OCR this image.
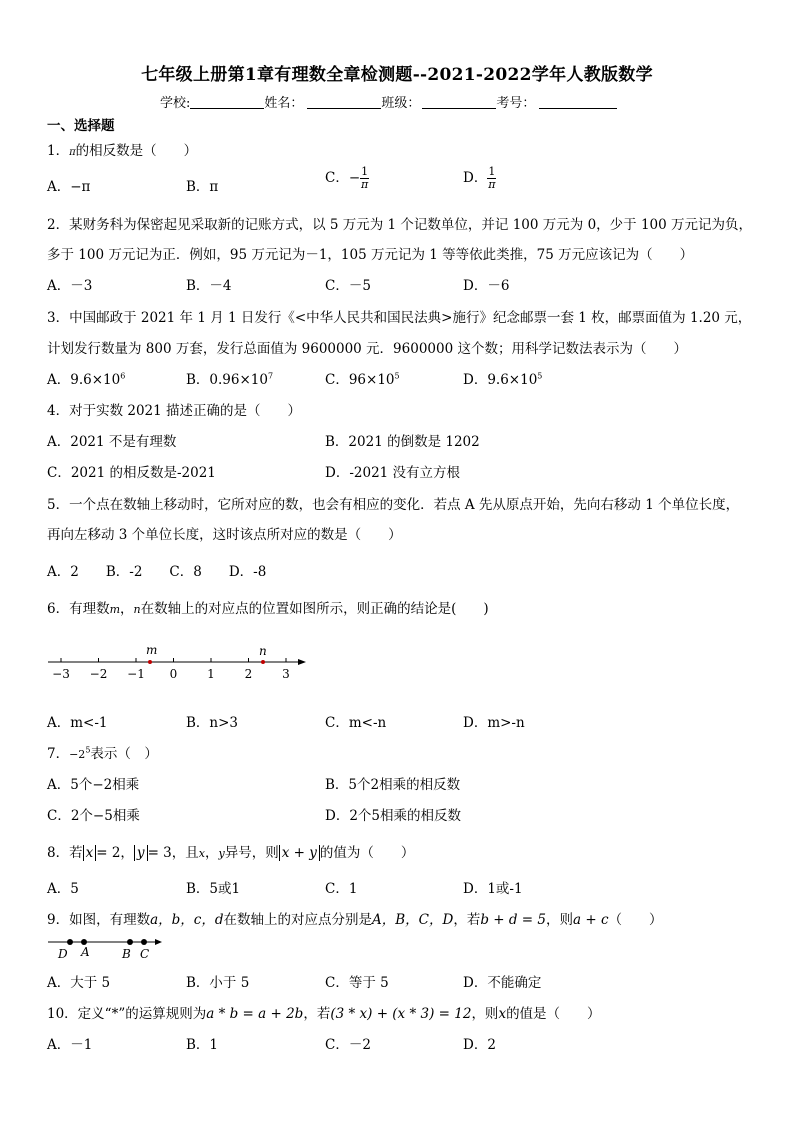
七年级上册第1章有理数全章检测题--2021-2022学年人教版数学
学校:	姓名：	班级：	考号：
一、选择题
1．π的相反数是（　　）
A．−π	B．π
C．− $\frac{1}{\pi}$	D． $\frac{1}{\pi}$
2．某财务科为保密起见采取新的记账方式，以 5 万元为 1 个记数单位，并记 100 万元为 0，少于 100 万元记为负，
多于 100 万元记为正．例如，95 万元记为－1，105 万元记为 1 等等依此类推，75 万元应该记为（　　）
A．－3	B．－4	C．－5	D．－6
3．中国邮政于 2021 年 1 月 1 日发行《<中华人民共和国民法典>施行》纪念邮票一套 1 枚，邮票面值为 1.20 元，
计划发行数量为 800 万套，发行总面值为 9600000 元．9600000 这个数；用科学记数法表示为（　　）
A．$9.6\times 10^6$	B．$0.96\times 10^7$	C．$96\times 10^5$	D．$9.6\times 10^5$
4．对于实数 2021 描述正确的是（　　）
A．2021 不是有理数	B．2021 的倒数是 1202
C．2021 的相反数是-2021	D．-2021 没有立方根
5．一个点在数轴上移动时，它所对应的数，也会有相应的变化．若点 A 先从原点开始，先向右移动 1 个单位长度，
再向左移动 3 个单位长度，这时该点所对应的数是（　　）
A．2　　B．-2　　C．8　　D．-8
6．有理数m，n在数轴上的对应点的位置如图所示，则正确的结论是(　　)
−3 −2 −1 0 1 2 3
m	n
A．m<-1	B．n>3	C．m<-n	D．m>-n
7．$-2^5$表示（　）
A．5个−2相乘	B．5个2相乘的相反数
C．2个−5相乘	D．2个5相乘的相反数
8．若 x = 2， y = 3，且x，y异号，则 x + y 的值为（　　）
A．5	B．5或1	C．1	D．1或-1
9．如图，有理数a，b，c，d在数轴上的对应点分别是A，B，C，D，若b + d = 5，则a + c（　　）
D A	B C
A．大于 5	B．小于 5	C．等于 5	D．不能确定
10．定义“*”的运算规则为a * b = a + 2b，若(3 * x) + (x * 3) = 12，则x的值是（　　）
A．－1	B．1	C．－2	D．2
